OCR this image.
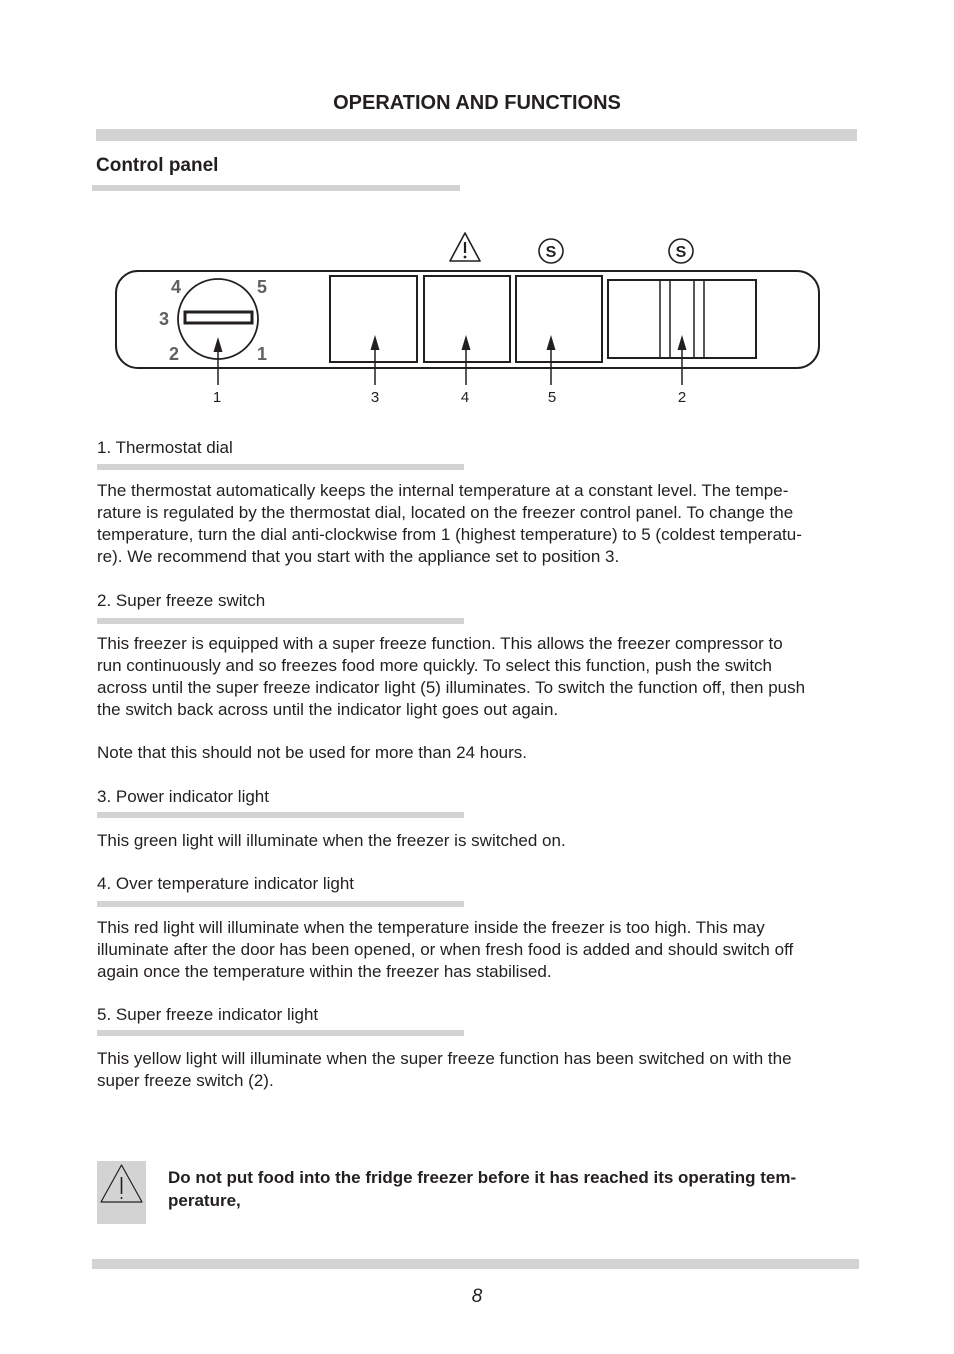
OPERATION AND FUNCTIONS
Control panel
S	S
4	5
3
2	1
1	3	4	5	2
1. Thermostat dial
The thermostat automatically keeps the internal temperature at a constant level. The tempe-
rature is regulated by the thermostat dial, located on the freezer control panel. To change the
temperature, turn the dial anti-clockwise from 1 (highest temperature) to 5 (coldest temperatu-
re). We recommend that you start with the appliance set to position 3.
2. Super freeze switch
This freezer is equipped with a super freeze function. This allows the freezer compressor to
run continuously and so freezes food more quickly. To select this function, push the switch
across until the super freeze indicator light (5) illuminates. To switch the function off, then push
the switch back across until the indicator light goes out again.
Note that this should not be used for more than 24 hours.
3. Power indicator light
This green light will illuminate when the freezer is switched on.
4. Over temperature indicator light
This red light will illuminate when the temperature inside the freezer is too high. This may
illuminate after the door has been opened, or when fresh food is added and should switch off
again once the temperature within the freezer has stabilised.
5. Super freeze indicator light
This yellow light will illuminate when the super freeze function has been switched on with the
super freeze switch (2).
Do not put food into the fridge freezer before it has reached its operating tem-
perature,
8
